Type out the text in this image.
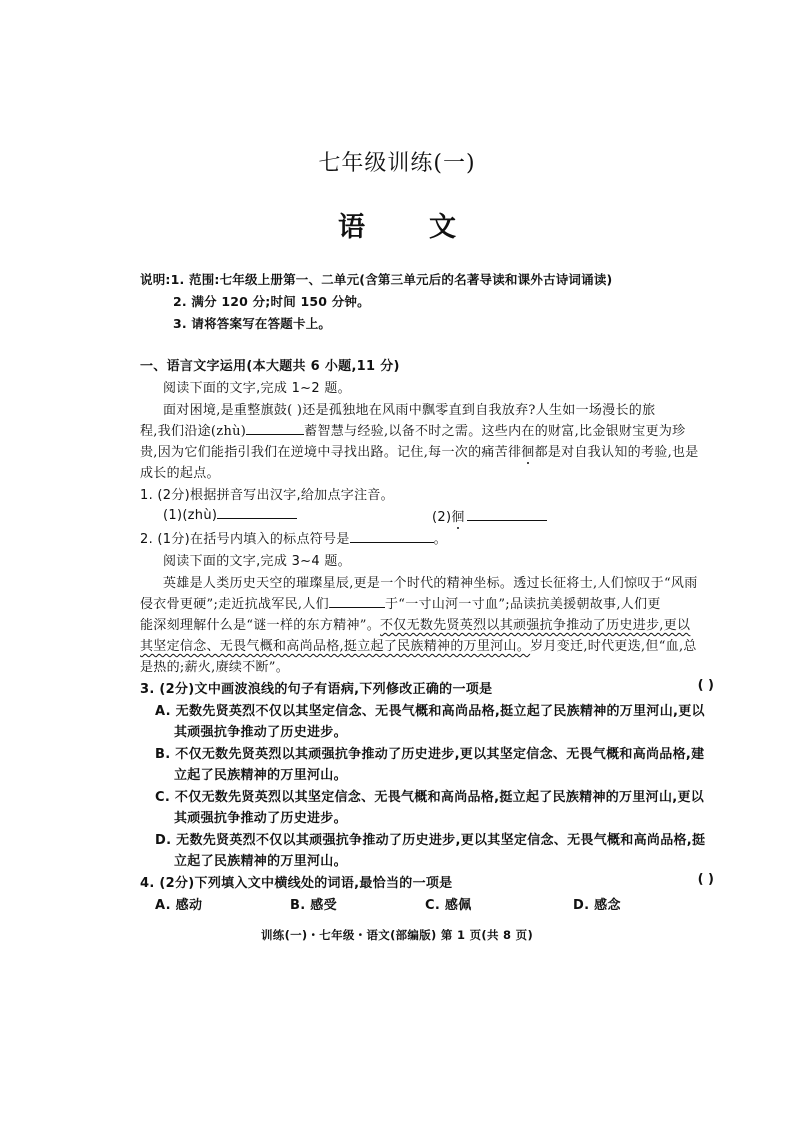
七年级训练(一)
语 文
说明:1. 范围:七年级上册第一、二单元(含第三单元后的名著导读和课外古诗词诵读)
2. 满分 120 分;时间 150 分钟。
3. 请将答案写在答题卡上。
一、语言文字运用(本大题共 6 小题,11 分)
阅读下面的文字,完成 1~2 题。
面对困境,是重整旗鼓( )还是孤独地在风雨中飘零直到自我放弃?人生如一场漫长的旅
程,我们沿途(zhù)	蓄智慧与经验,以备不时之需。这些内在的财富,比金银财宝更为珍
贵,因为它们能指引我们在逆境中寻找出路。记住,每一次的痛苦徘徊都是对自我认知的考验,也是
成长的起点。
1. (2分)根据拼音写出汉字,给加点字注音。
(1)(zhù)	(2)徊
2. (1分)在括号内填入的标点符号是	。
阅读下面的文字,完成 3~4 题。
英雄是人类历史天空的璀璨星辰,更是一个时代的精神坐标。透过长征将士,人们惊叹于“风雨
侵衣骨更硬”;走近抗战军民,人们	于“一寸山河一寸血”;品读抗美援朝故事,人们更
能深刻理解什么是“谜一样的东方精神”。不仅无数先贤英烈以其顽强抗争推动了历史进步,更以
其坚定信念、无畏气概和高尚品格,挺立起了民族精神的万里河山。岁月变迁,时代更迭,但“血,总
是热的;薪火,赓续不断”。
3. (2分)文中画波浪线的句子有语病,下列修改正确的一项是	( )
A. 无数先贤英烈不仅以其坚定信念、无畏气概和高尚品格,挺立起了民族精神的万里河山,更以
其顽强抗争推动了历史进步。
B. 不仅无数先贤英烈以其顽强抗争推动了历史进步,更以其坚定信念、无畏气概和高尚品格,建
立起了民族精神的万里河山。
C. 不仅无数先贤英烈以其坚定信念、无畏气概和高尚品格,挺立起了民族精神的万里河山,更以
其顽强抗争推动了历史进步。
D. 无数先贤英烈不仅以其顽强抗争推动了历史进步,更以其坚定信念、无畏气概和高尚品格,挺
立起了民族精神的万里河山。
4. (2分)下列填入文中横线处的词语,最恰当的一项是	( )
A. 感动	B. 感受	C. 感佩	D. 感念
训练(一)・七年级・语文(部编版) 第 1 页(共 8 页)
